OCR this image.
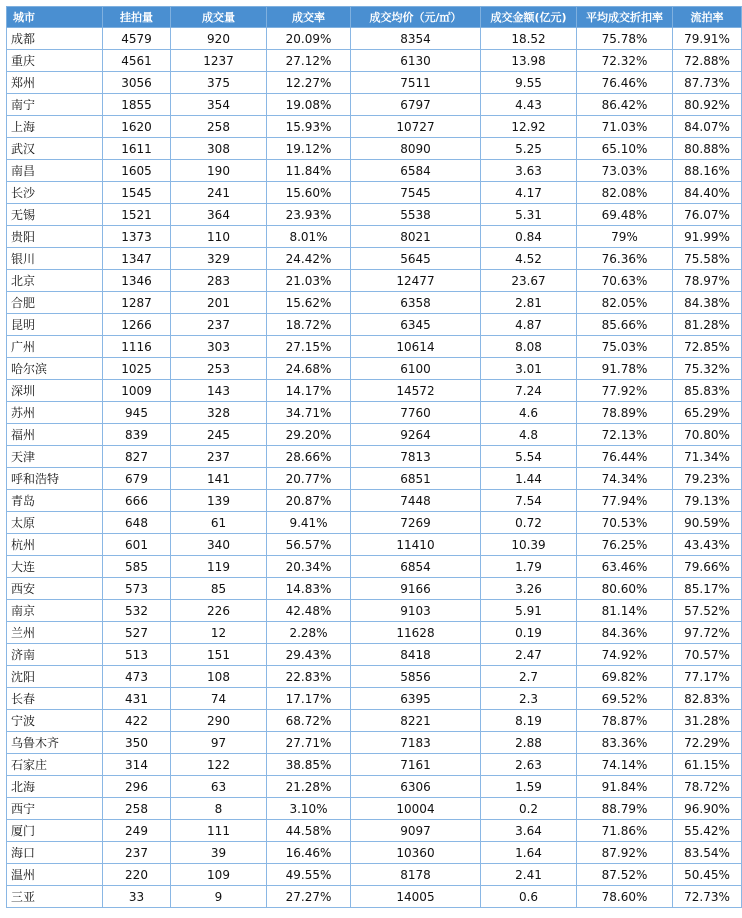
城市	挂拍量	成交量	成交率	成交均价（元/㎡）	成交金额(亿元)	平均成交折扣率	流拍率
成都	4579	920	20.09%	8354	18.52	75.78%	79.91%
重庆	4561	1237	27.12%	6130	13.98	72.32%	72.88%
郑州	3056	375	12.27%	7511	9.55	76.46%	87.73%
南宁	1855	354	19.08%	6797	4.43	86.42%	80.92%
上海	1620	258	15.93%	10727	12.92	71.03%	84.07%
武汉	1611	308	19.12%	8090	5.25	65.10%	80.88%
南昌	1605	190	11.84%	6584	3.63	73.03%	88.16%
长沙	1545	241	15.60%	7545	4.17	82.08%	84.40%
无锡	1521	364	23.93%	5538	5.31	69.48%	76.07%
贵阳	1373	110	8.01%	8021	0.84	79%	91.99%
银川	1347	329	24.42%	5645	4.52	76.36%	75.58%
北京	1346	283	21.03%	12477	23.67	70.63%	78.97%
合肥	1287	201	15.62%	6358	2.81	82.05%	84.38%
昆明	1266	237	18.72%	6345	4.87	85.66%	81.28%
广州	1116	303	27.15%	10614	8.08	75.03%	72.85%
哈尔滨	1025	253	24.68%	6100	3.01	91.78%	75.32%
深圳	1009	143	14.17%	14572	7.24	77.92%	85.83%
苏州	945	328	34.71%	7760	4.6	78.89%	65.29%
福州	839	245	29.20%	9264	4.8	72.13%	70.80%
天津	827	237	28.66%	7813	5.54	76.44%	71.34%
呼和浩特	679	141	20.77%	6851	1.44	74.34%	79.23%
青岛	666	139	20.87%	7448	7.54	77.94%	79.13%
太原	648	61	9.41%	7269	0.72	70.53%	90.59%
杭州	601	340	56.57%	11410	10.39	76.25%	43.43%
大连	585	119	20.34%	6854	1.79	63.46%	79.66%
西安	573	85	14.83%	9166	3.26	80.60%	85.17%
南京	532	226	42.48%	9103	5.91	81.14%	57.52%
兰州	527	12	2.28%	11628	0.19	84.36%	97.72%
济南	513	151	29.43%	8418	2.47	74.92%	70.57%
沈阳	473	108	22.83%	5856	2.7	69.82%	77.17%
长春	431	74	17.17%	6395	2.3	69.52%	82.83%
宁波	422	290	68.72%	8221	8.19	78.87%	31.28%
乌鲁木齐	350	97	27.71%	7183	2.88	83.36%	72.29%
石家庄	314	122	38.85%	7161	2.63	74.14%	61.15%
北海	296	63	21.28%	6306	1.59	91.84%	78.72%
西宁	258	8	3.10%	10004	0.2	88.79%	96.90%
厦门	249	111	44.58%	9097	3.64	71.86%	55.42%
海口	237	39	16.46%	10360	1.64	87.92%	83.54%
温州	220	109	49.55%	8178	2.41	87.52%	50.45%
三亚	33	9	27.27%	14005	0.6	78.60%	72.73%
